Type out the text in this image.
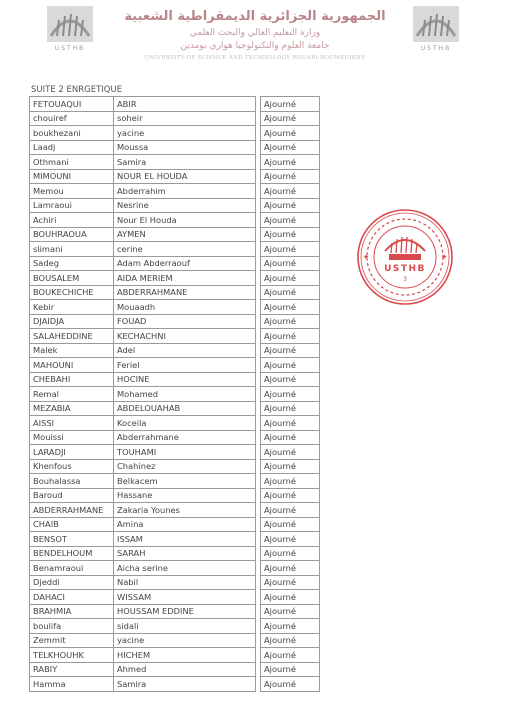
USTHB	USTHB
الجمهورية الجزائرية الديمقراطية الشعبية
وزارة التعليم العالي والبحث العلمي
جامعة العلوم والتكنولوجيا هواري بومدين
UNIVERSITY OF SCIENCE AND TECHNOLOGY HOUARI BOUMEDIENE
SUITE 2 ENRGETIQUE
FETOUAQUI	ABIR		Ajourné
chouiref	soheir		Ajourné
boukhezani	yacine		Ajourné
Laadj	Moussa		Ajourné
Othmani	Samira		Ajourné
MIMOUNI	NOUR EL HOUDA		Ajourné
Memou	Abderrahim		Ajourné
Lamraoui	Nesrine		Ajourné
Achiri	Nour El Houda		Ajourné
BOUHRAOUA	AYMEN		Ajourné
slimani	cerine		Ajourné
Sadeg	Adam Abderraouf		Ajourné
BOUSALEM	AIDA MERIEM		Ajourné
BOUKECHICHE	ABDERRAHMANE		Ajourné
Kebir	Mouaadh		Ajourné
DJAIDJA	FOUAD		Ajourné
SALAHEDDINE	KECHACHNI		Ajourné
Malek	Adel		Ajourné
MAHOUNI	Feriel		Ajourné
CHEBAHI	HOCINE		Ajourné
Remal	Mohamed		Ajourné
MEZABIA	ABDELOUAHAB		Ajourné
AISSI	Koceila		Ajourné
Mouissi	Abderrahmane		Ajourné
LARADJI	TOUHAMI		Ajourné
Khenfous	Chahinez		Ajourné
Bouhalassa	Belkacem		Ajourné
Baroud	Hassane		Ajourné
ABDERRAHMANE	Zakaria Younes		Ajourné
CHAIB	Amina		Ajourné
BENSOT	ISSAM		Ajourné
BENDELHOUM	SARAH		Ajourné
Benamraoui	Aicha serine		Ajourné
Djeddi	Nabil		Ajourné
DAHACI	WISSAM		Ajourné
BRAHMIA	HOUSSAM EDDINE		Ajourné
boulifa	sidali		Ajourné
Zemmit	yacine		Ajourné
TELKHOUHK	HICHEM		Ajourné
RABIY	Ahmed		Ajourné
Hamma	Samira		Ajourné
USTHB
3
★	★
